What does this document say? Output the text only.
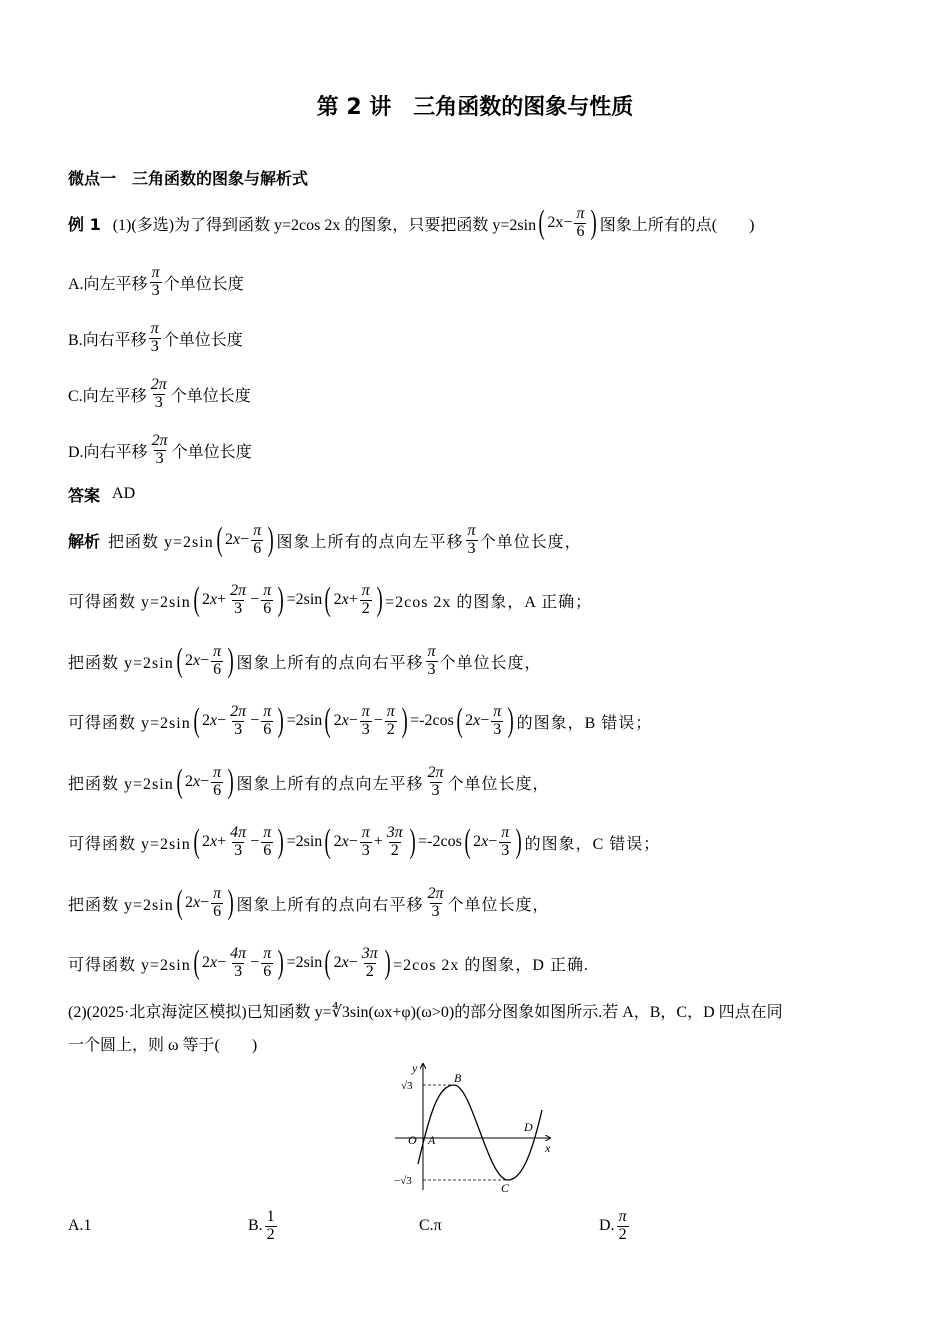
第 2 讲　三角函数的图象与性质
微点一　三角函数的图象与解析式
例 1
(1)(多选)为了得到函数 y=2cos 2x 的图象，只要把函数 y=2sin ( $2x- \frac{\pi}{6}$ ) 图象上所有的点(　　)
A.向左平移
π
3 个单位长度
B.向右平移
π
3 个单位长度
C.向左平移
2π
3 个单位长度
D.向右平移
2π
3 个单位长度
答案
AD
解析
把函数 y=2sin ( $2x- \frac{\pi}{6}$ ) 图象上所有的点向左平移
π
3 个单位长度，
可得函数 y=2sin ( $2x+ \frac{2\pi}{3} - \frac{\pi}{6}$ ) =2sin ( $2x+ \frac{\pi}{2}$ ) =2cos 2x 的图象，A 正确；
把函数 y=2sin ( $2x- \frac{\pi}{6}$ ) 图象上所有的点向右平移
π
3 个单位长度，
可得函数 y=2sin ( $2x- \frac{2\pi}{3} - \frac{\pi}{6}$ ) =2sin ( $2x- \frac{\pi}{3} - \frac{\pi}{2}$ ) =-2cos ( $2x- \frac{\pi}{3}$ ) 的图象，B 错误；
把函数 y=2sin ( $2x- \frac{\pi}{6}$ ) 图象上所有的点向左平移
2π
3 个单位长度，
可得函数 y=2sin ( $2x+ \frac{4\pi}{3} - \frac{\pi}{6}$ ) =2sin ( $2x- \frac{\pi}{3} + \frac{3\pi}{2}$ ) =-2cos ( $2x- \frac{\pi}{3}$ ) 的图象，C 错误；
把函数 y=2sin ( $2x- \frac{\pi}{6}$ ) 图象上所有的点向右平移
2π
3 个单位长度，
可得函数 y=2sin ( $2x- \frac{4\pi}{3} - \frac{\pi}{6}$ ) =2sin ( $2x- \frac{3\pi}{2}$ ) =2cos 2x 的图象，D 正确.
(2)(2025·北京海淀区模拟)已知函数 y=∜3sin(ωx+φ)(ω>0)的部分图象如图所示.若 A，B，C，D 四点在同
一个圆上，则 ω 等于(　　)
y
x
O
√3
−√3
A
B
C
D
A.1	B.
1
2	C.π	D.
π
2
